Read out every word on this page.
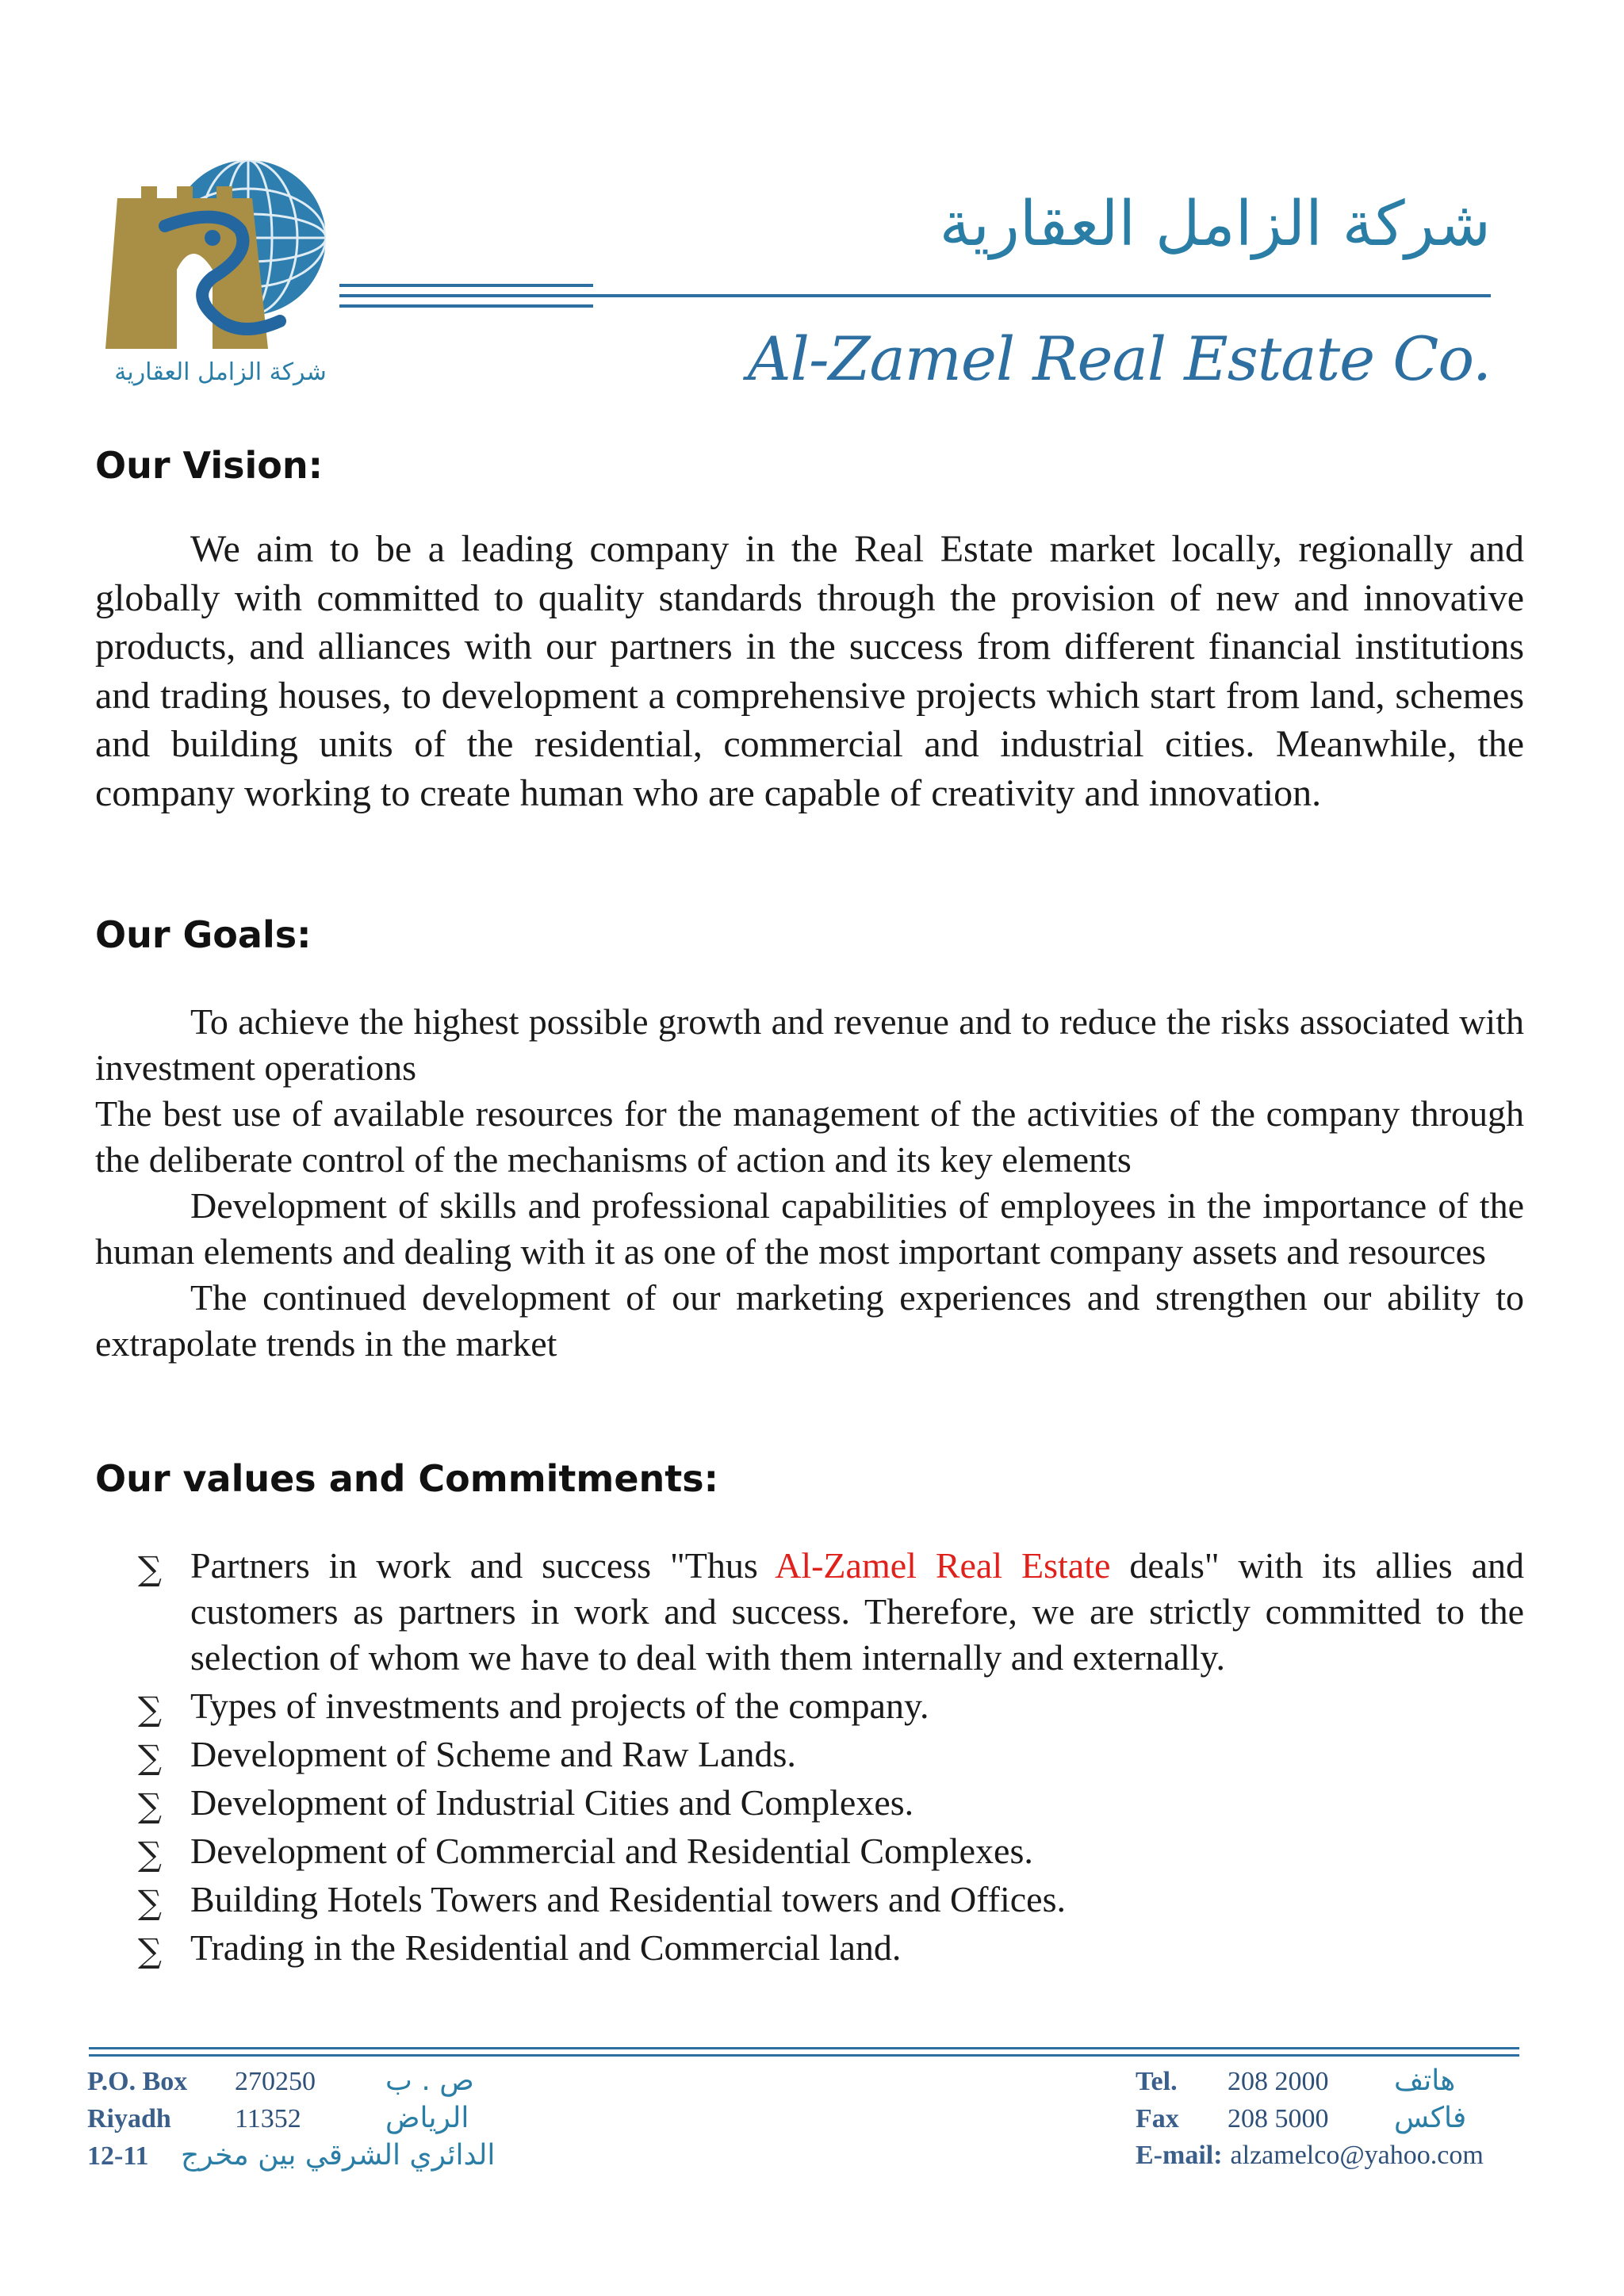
شركة الزامل العقارية
شركة الزامل العقارية
Al-Zamel Real Estate Co.
Our Vision:

We aim to be a leading company in the Real Estate market locally, regionally and globally with committed to quality standards through the provision of new and innovative products, and alliances with our partners in the success from different financial institutions and trading houses, to development a comprehensive projects which start from land, schemes and building units of the residential, commercial and industrial cities. Meanwhile, the company working to create human who are capable of creativity and innovation.

Our Goals:

To achieve the highest possible growth and revenue and to reduce the risks associated with investment operations

The best use of available resources for the management of the activities of the company through the deliberate control of the mechanisms of action and its key elements

Development of skills and professional capabilities of employees in the importance of the human elements and dealing with it as one of the most important company assets and resources

The continued development of our marketing experiences and strengthen our ability to extrapolate trends in the market

Our values and Commitments:
∑ Partners in work and success "Thus Al-Zamel Real Estate deals" with its allies and customers as partners in work and success. Therefore, we are strictly committed to the selection of whom we have to deal with them internally and externally.
∑ Types of investments and projects of the company.
∑ Development of Scheme and Raw Lands.
∑ Development of Industrial Cities and Complexes.
∑ Development of Commercial and Residential Complexes.
∑ Building Hotels Towers and Residential towers and Offices.
∑ Trading in the Residential and Commercial land.
P.O. Box	270250	ص . ب
Riyadh	11352	الرياض
12-11	الدائري الشرقي بين مخرج
Tel.	208 2000	هاتف
Fax	208 5000	فاكس
E-mail: alzamelco@yahoo.com
